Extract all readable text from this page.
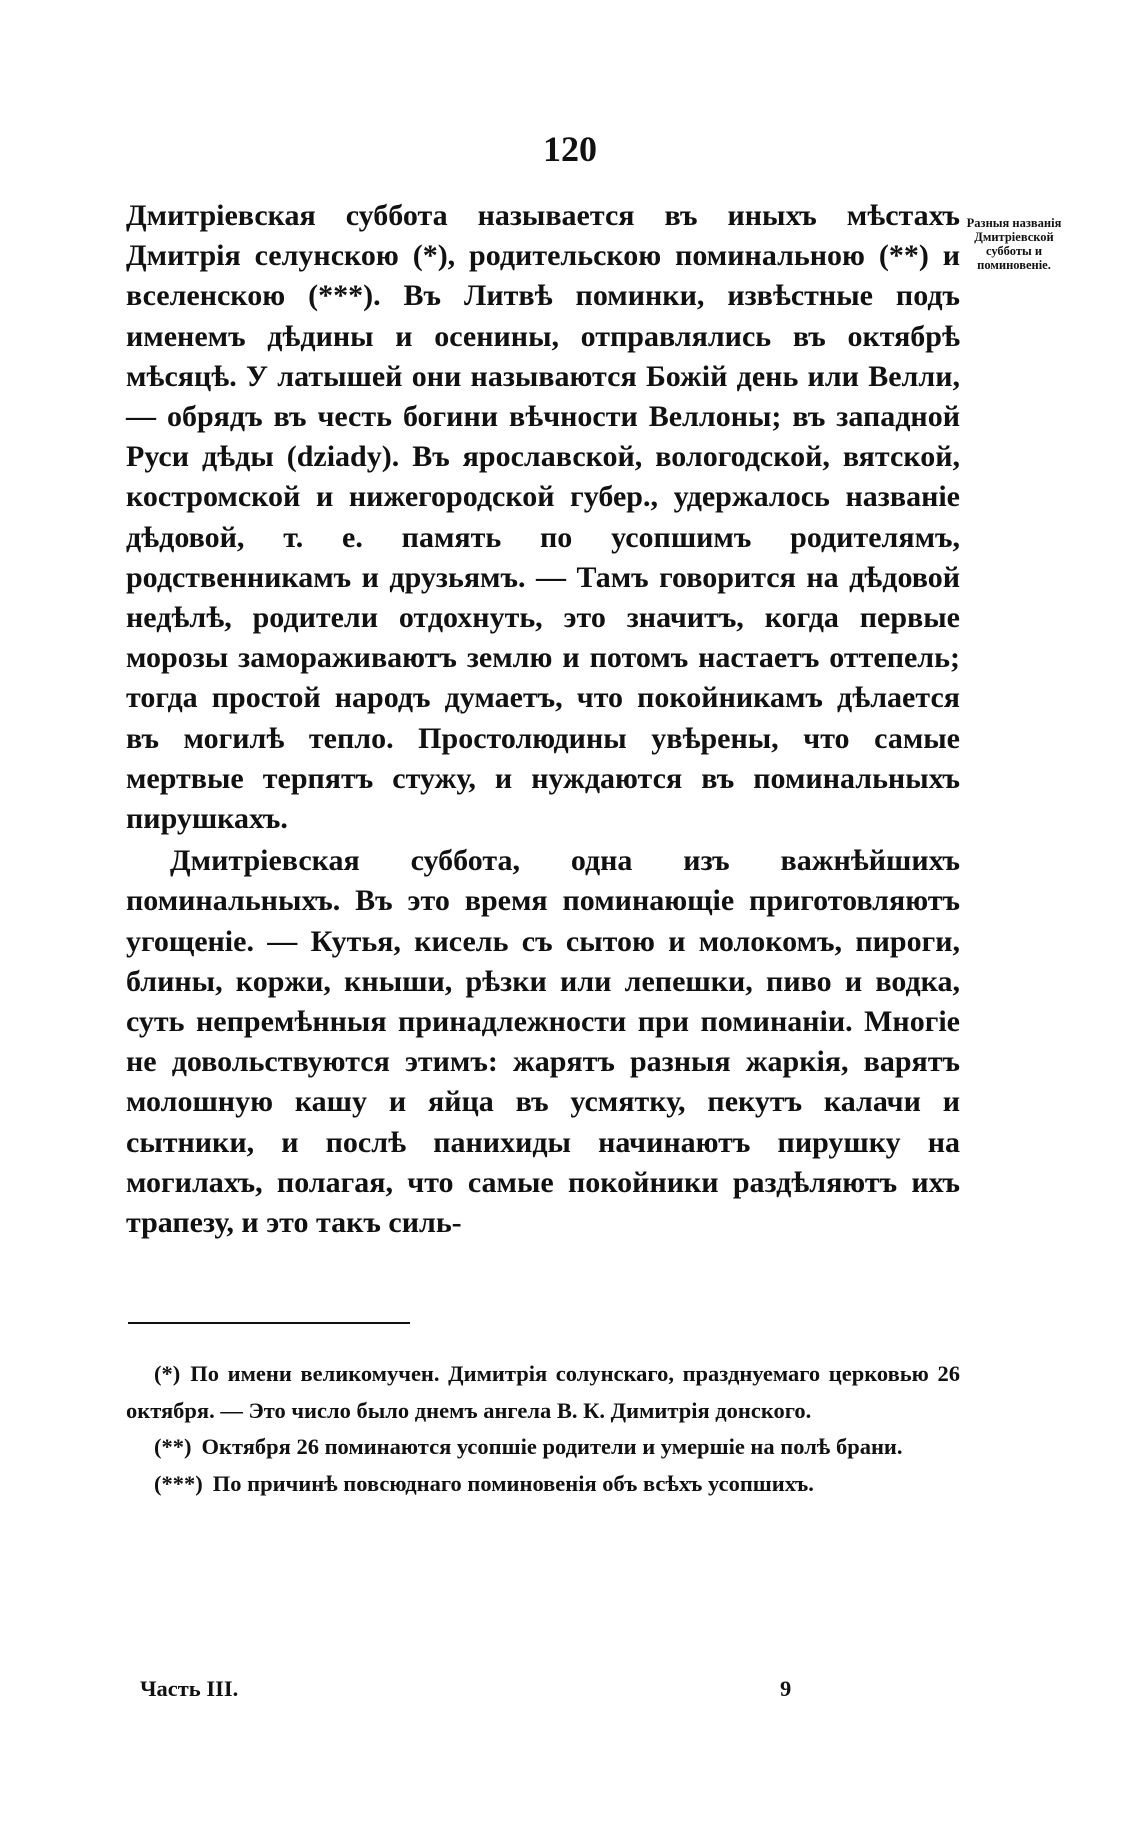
120
Разныя названія Дмитріевской субботы и поминовеніе.

Дмитріевская суббота называется въ иныхъ мѣстахъ Дмитрія селунскою (*), родительскою поминальною (**) и вселенскою (***). Въ Литвѣ поминки, извѣстные подъ именемъ дѣдины и осенины, отправлялись въ октябрѣ мѣсяцѣ. У латышей они называются Божій день или Велли, — обрядъ въ честь богини вѣчности Веллоны; въ западной Руси дѣды (dziady). Въ ярославской, вологодской, вятской, костромской и нижегородской губер., удержалось названіе дѣдовой, т. е. память по усопшимъ родителямъ, родственникамъ и друзьямъ. — Тамъ говорится на дѣдовой недѣлѣ, родители отдохнуть, это значитъ, когда первые морозы замораживаютъ землю и потомъ настаетъ оттепель; тогда простой народъ думаетъ, что покойникамъ дѣлается въ могилѣ тепло. Простолюдины увѣрены, что самые мертвые терпятъ стужу, и нуждаются въ поминальныхъ пирушкахъ.

Дмитріевская суббота, одна изъ важнѣйшихъ поминальныхъ. Въ это время поминающіе приготовляютъ угощеніе. — Кутья, кисель съ сытою и молокомъ, пироги, блины, коржи, кныши, рѣзки или лепешки, пиво и водка, суть непремѣнныя принадлежности при поминаніи. Многіе не довольствуются этимъ: жарятъ разныя жаркія, варятъ молошную кашу и яйца въ усмятку, пекутъ калачи и сытники, и послѣ панихиды начинаютъ пирушку на могилахъ, полагая, что самые покойники раздѣляютъ ихъ трапезу, и это такъ силь-

(*) По имени великомучен. Димитрія солунскаго, празднуемаго церковью 26 октября. — Это число было днемъ ангела В. К. Димитрія донского.

(**) Октября 26 поминаются усопшіе родители и умершіе на полѣ брани.

(***) По причинѣ повсюднаго поминовенія объ всѣхъ усопшихъ.

Часть III.	9
